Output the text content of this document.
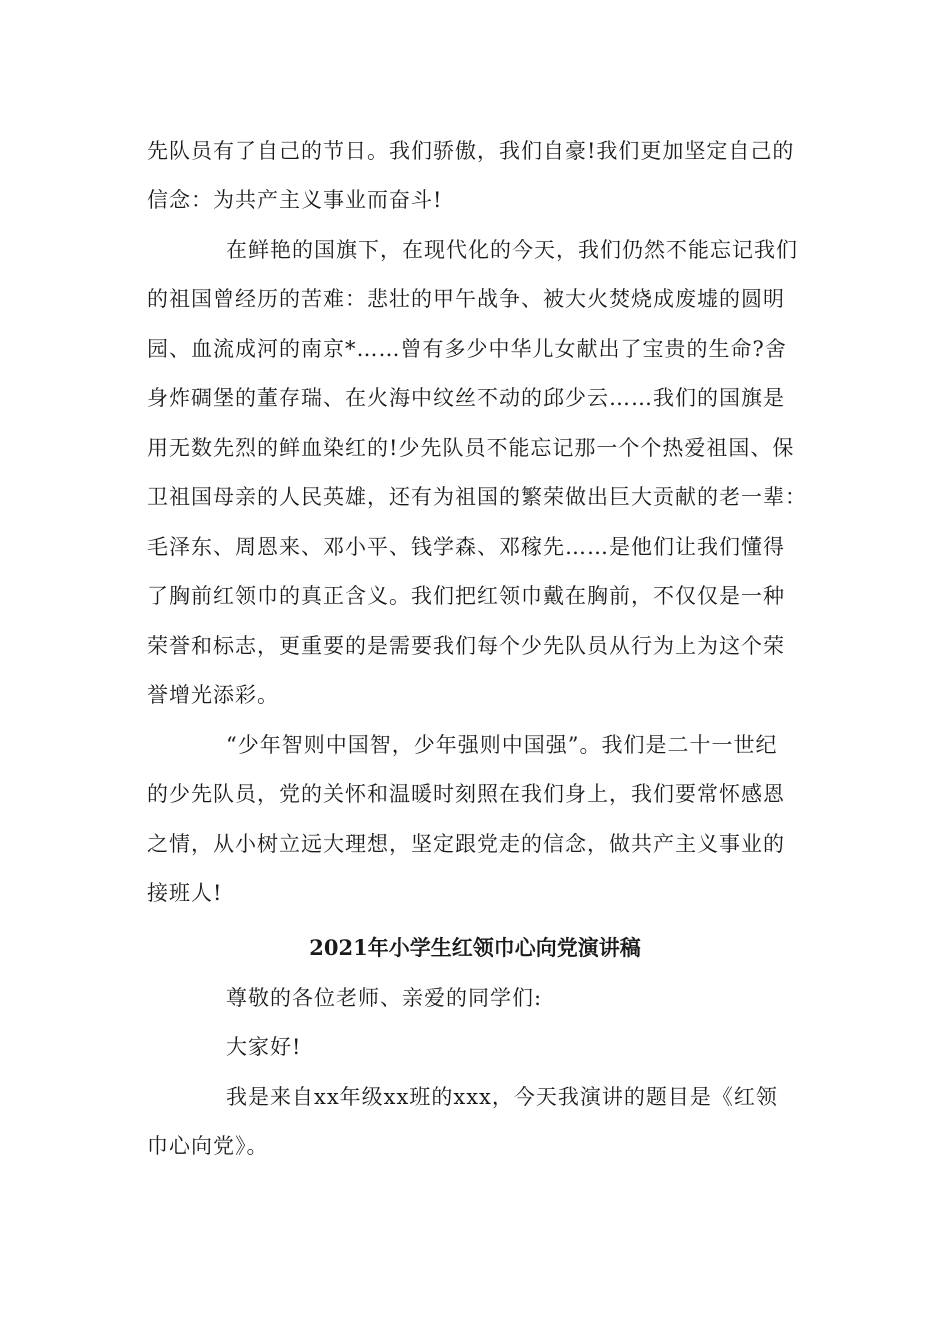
先队员有了自己的节日。我们骄傲，我们自豪!我们更加坚定自己的
信念：为共产主义事业而奋斗!
在鲜艳的国旗下，在现代化的今天，我们仍然不能忘记我们
的祖国曾经历的苦难：悲壮的甲午战争、被大火焚烧成废墟的圆明
园、血流成河的南京*……曾有多少中华儿女献出了宝贵的生命?舍
身炸碉堡的董存瑞、在火海中纹丝不动的邱少云……我们的国旗是
用无数先烈的鲜血染红的!少先队员不能忘记那一个个热爱祖国、保
卫祖国母亲的人民英雄，还有为祖国的繁荣做出巨大贡献的老一辈：
毛泽东、周恩来、邓小平、钱学森、邓稼先……是他们让我们懂得
了胸前红领巾的真正含义。我们把红领巾戴在胸前，不仅仅是一种
荣誉和标志，更重要的是需要我们每个少先队员从行为上为这个荣
誉增光添彩。
“少年智则中国智，少年强则中国强”。我们是二十一世纪
的少先队员，党的关怀和温暖时刻照在我们身上，我们要常怀感恩
之情，从小树立远大理想，坚定跟党走的信念，做共产主义事业的
接班人!
2021年小学生红领巾心向党演讲稿
尊敬的各位老师、亲爱的同学们:
大家好!
我是来自xx年级xx班的xxx，今天我演讲的题目是《红领
巾心向党》。
